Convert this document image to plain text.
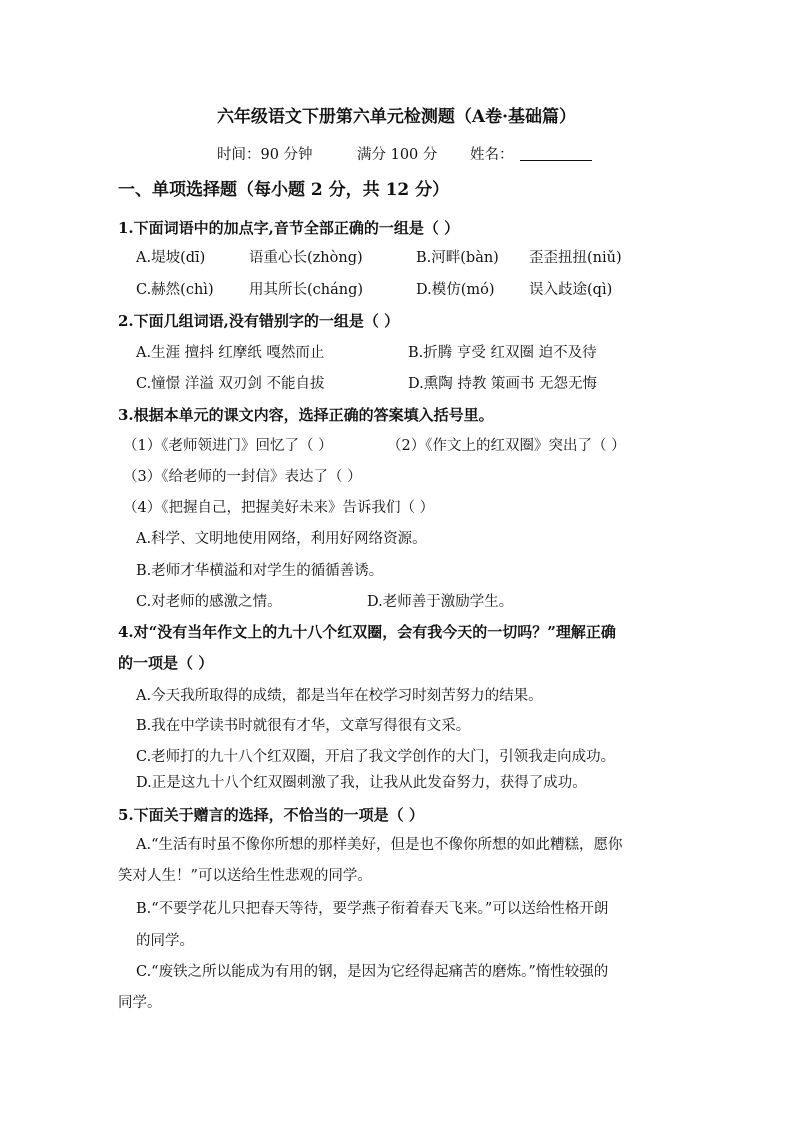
六年级语文下册第六单元检测题（A卷·基础篇）
时间：90 分钟	满分 100 分 姓名：
一、单项选择题（每小题 2 分，共 12 分）
1.下面词语中的加点字,音节全部正确的一组是（ ）
A.堤坡(dī)	语重心长(zhòng)	B.河畔(bàn) 歪歪扭扭(niǔ)
C.赫然(chì) 用其所长(cháng)	D.模仿(mó) 误入歧途(qì)
2.下面几组词语,没有错别字的一组是（ ）
A.生涯 擅抖 红摩纸 嘎然而止	B.折腾 亨受 红双圈 迫不及待
C.憧憬 洋溢 双刃剑 不能自拔	D.熏陶 持教 策画书 无怨无悔
3.根据本单元的课文内容，选择正确的答案填入括号里。
（1）《老师领进门》回忆了（ ）	（2）《作文上的红双圈》突出了（ ）
（3）《给老师的一封信》表达了（ ）
（4）《把握自己，把握美好未来》告诉我们（ ）
A.科学、文明地使用网络，利用好网络资源。
B.老师才华横溢和对学生的循循善诱。
C.对老师的感激之情。	D.老师善于激励学生。
4.对“没有当年作文上的九十八个红双圈，会有我今天的一切吗？”理解正确
的一项是（ ）
A.今天我所取得的成绩，都是当年在校学习时刻苦努力的结果。
B.我在中学读书时就很有才华，文章写得很有文采。
C.老师打的九十八个红双圈，开启了我文学创作的大门，引领我走向成功。
D.正是这九十八个红双圈刺激了我，让我从此发奋努力，获得了成功。
5.下面关于赠言的选择，不恰当的一项是（ ）
A.“生活有时虽不像你所想的那样美好，但是也不像你所想的如此糟糕，愿你
笑对人生！”可以送给生性悲观的同学。
B.“不要学花儿只把春天等待，要学燕子衔着春天飞来。”可以送给性格开朗
的同学。
C.“废铁之所以能成为有用的钢，是因为它经得起痛苦的磨炼。”惰性较强的
同学。
